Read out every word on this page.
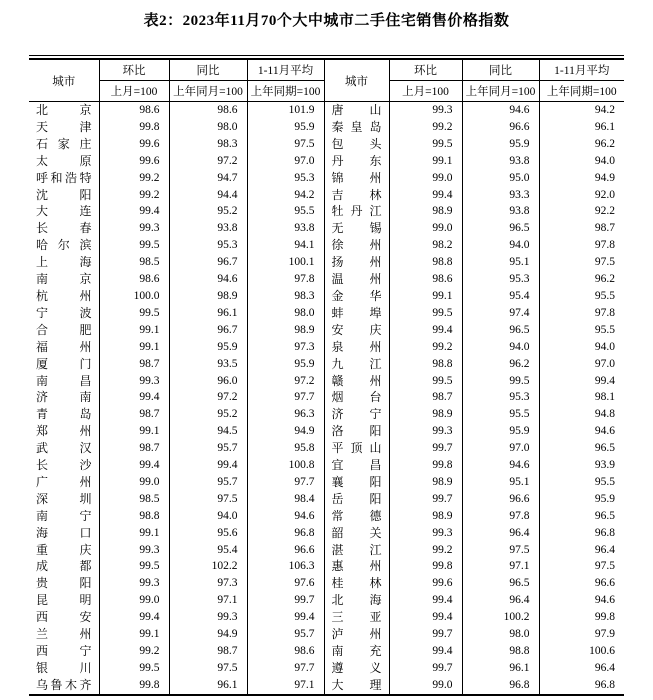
表2：2023年11月70个大中城市二手住宅销售价格指数
城市	环比	同比	1-11月平均	城市	环比	同比	1-11月平均
	上月=100	上年同月=100	上年同期=100		上月=100	上年同月=100	上年同期=100

北京	98.6	98.6	101.9	唐山	99.3	94.6	94.2

天津	99.8	98.0	95.9	秦皇岛	99.2	96.6	96.1

石家庄	99.6	98.3	97.5	包头	99.5	95.9	96.2

太原	99.6	97.2	97.0	丹东	99.1	93.8	94.0

呼和浩特	99.2	94.7	95.3	锦州	99.0	95.0	94.9

沈阳	99.2	94.4	94.2	吉林	99.4	93.3	92.0

大连	99.4	95.2	95.5	牡丹江	98.9	93.8	92.2

长春	99.3	93.8	93.8	无锡	99.0	96.5	98.7

哈尔滨	99.5	95.3	94.1	徐州	98.2	94.0	97.8

上海	98.5	96.7	100.1	扬州	98.8	95.1	97.5

南京	98.6	94.6	97.8	温州	98.6	95.3	96.2

杭州	100.0	98.9	98.3	金华	99.1	95.4	95.5

宁波	99.5	96.1	98.0	蚌埠	99.5	97.4	97.8

合肥	99.1	96.7	98.9	安庆	99.4	96.5	95.5

福州	99.1	95.9	97.3	泉州	99.2	94.0	94.0

厦门	98.7	93.5	95.9	九江	98.8	96.2	97.0

南昌	99.3	96.0	97.2	赣州	99.5	99.5	99.4

济南	99.4	97.2	97.7	烟台	98.7	95.3	98.1

青岛	98.7	95.2	96.3	济宁	98.9	95.5	94.8

郑州	99.1	94.5	94.9	洛阳	99.3	95.9	94.6

武汉	98.7	95.7	95.8	平顶山	99.7	97.0	96.5

长沙	99.4	99.4	100.8	宜昌	99.8	94.6	93.9

广州	99.0	95.7	97.7	襄阳	98.9	95.1	95.5

深圳	98.5	97.5	98.4	岳阳	99.7	96.6	95.9

南宁	98.8	94.0	94.6	常德	98.9	97.8	96.5

海口	99.1	95.6	96.8	韶关	99.3	96.4	96.8

重庆	99.3	95.4	96.6	湛江	99.2	97.5	96.4

成都	99.5	102.2	106.3	惠州	99.8	97.1	97.5

贵阳	99.3	97.3	97.6	桂林	99.6	96.5	96.6

昆明	99.0	97.1	99.7	北海	99.4	96.4	94.6

西安	99.4	99.3	99.4	三亚	99.4	100.2	99.8

兰州	99.1	94.9	95.7	泸州	99.7	98.0	97.9

西宁	99.2	98.7	98.6	南充	99.4	98.8	100.6

银川	99.5	97.5	97.7	遵义	99.7	96.1	96.4

乌鲁木齐	99.8	96.1	97.1	大理	99.0	96.8	96.8
